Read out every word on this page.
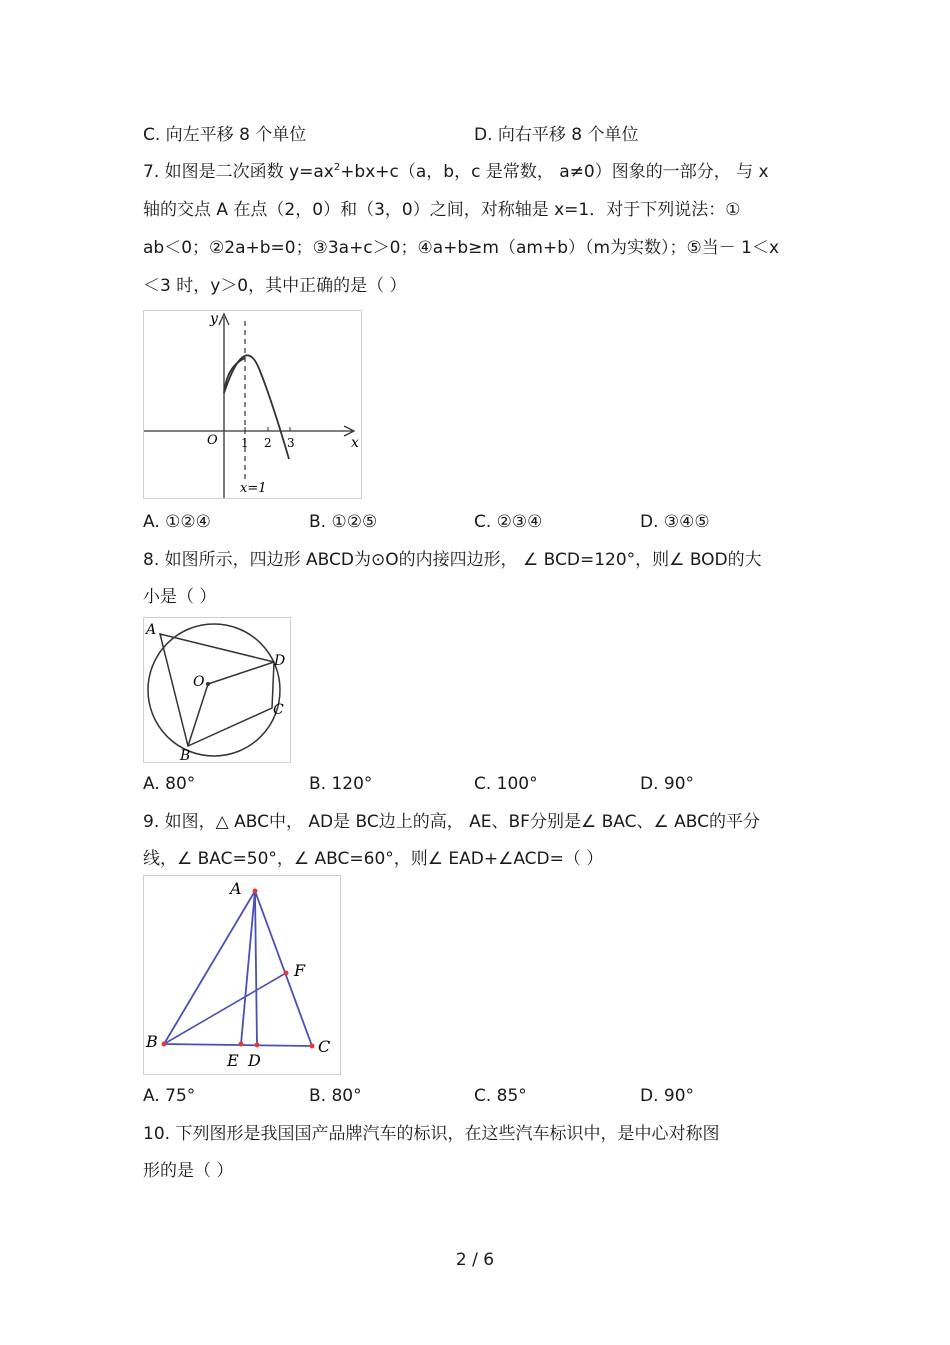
C. 向左平移 8 个单位	D. 向右平移 8 个单位
7. 如图是二次函数 $y=ax^2+bx+c(a$，b，c 是常数， a≠0）图象的一部分， 与 x
轴的交点 A 在点（2，0）和（3，0）之间，对称轴是 x=1．对于下列说法：①
ab＜0；②2a+b=0；③3a+c＞0；④a+b≥m（am+b）（m为实数）；⑤当－ 1＜x
＜3 时，y＞0，其中正确的是（ ）
y
x
O 1 2 3
x=1
A. ①②④	B. ①②⑤	C. ②③④	D. ③④⑤
8. 如图所示，四边形 ABCD为⊙O的内接四边形， ∠ BCD=120°，则∠ BOD的大
小是（ ）
A
D
C
B
O
A. 80°	B. 120°	C. 100°	D. 90°
9. 如图，△ ABC中， AD是 BC边上的高， AE、BF分别是∠ BAC、∠ ABC的平分
线，∠ BAC=50°，∠ ABC=60°，则∠ EAD+∠ACD=（ ）
A
B	C
E D
F
A. 75°	B. 80°	C. 85°	D. 90°
10. 下列图形是我国国产品牌汽车的标识，在这些汽车标识中，是中心对称图
形的是（ ）
2 / 6
